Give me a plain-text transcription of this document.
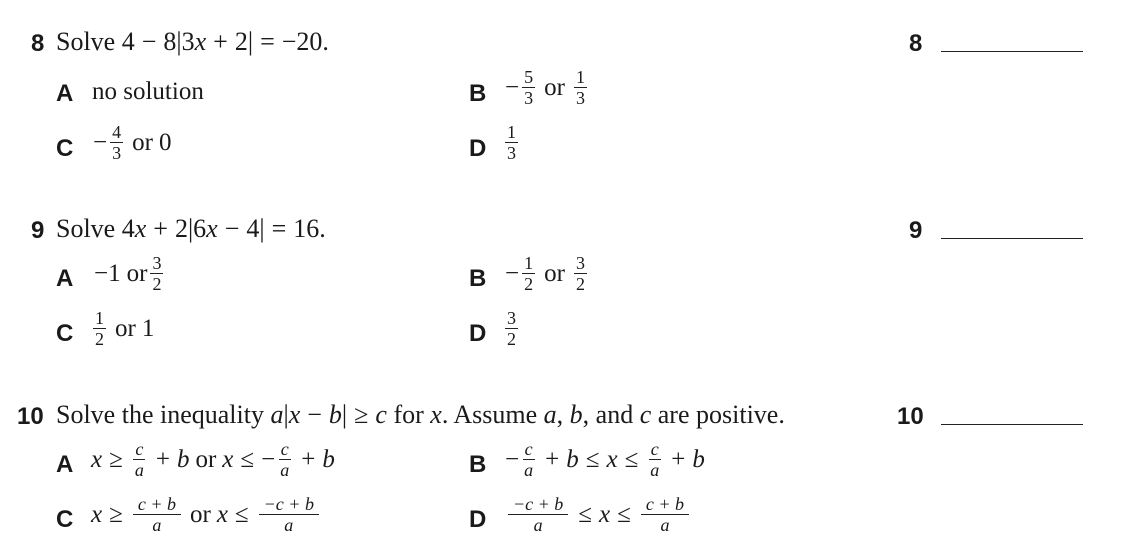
8 Solve 4 − 8|3x + 2| = −20.	8
A no solution	$B - \frac{5}{3}$ or $\frac{1}{3}$
$C - \frac{4}{3}$ or 0	D $\frac{1}{3}$
9 Solve 4x + 2|6x − 4| = 16.	9
A −1 or $\frac{3}{2}$	$B - \frac{1}{2}$ or $\frac{3}{2}$
C $\frac{1}{2}$ or 1	D $\frac{3}{2}$
10 Solve the inequality a|x − b| ≥ c for x. Assume a, b, and c are positive.	10
A $x \ge \frac{c}{a} + b$ or x ≤ − $\frac{c}{a} + b$	$B - \frac{c}{a} + b \le x \le \frac{c}{a} + b$
C $x \ge \frac{c + b}{a}$ or $x \le \frac{-c + b}{a}$	D $\frac{-c + b}{a} \le x \le \frac{c + b}{a}$
